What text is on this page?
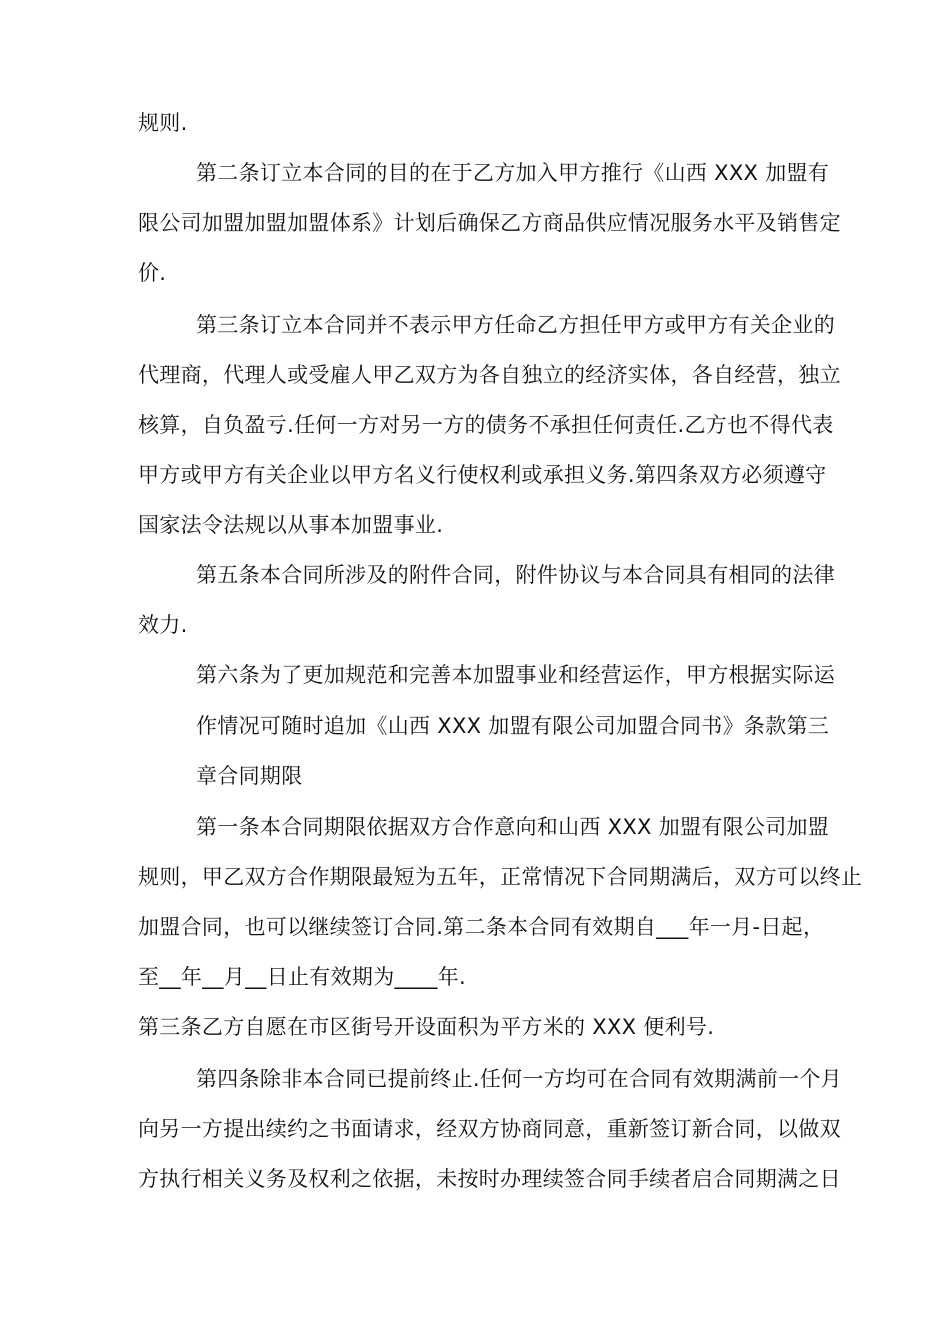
规则.
第二条订立本合同的目的在于乙方加入甲方推行《山西 XXX 加盟有
限公司加盟加盟加盟体系》计划后确保乙方商品供应情况服务水平及销售定
价.
第三条订立本合同并不表示甲方任命乙方担任甲方或甲方有关企业的
代理商，代理人或受雇人甲乙双方为各自独立的经济实体，各自经营，独立
核算，自负盈亏.任何一方对另一方的债务不承担任何责任.乙方也不得代表
甲方或甲方有关企业以甲方名义行使权利或承担义务.第四条双方必须遵守
国家法令法规以从事本加盟事业.
第五条本合同所涉及的附件合同，附件协议与本合同具有相同的法律
效力.
第六条为了更加规范和完善本加盟事业和经营运作，甲方根据实际运
作情况可随时追加《山西 XXX 加盟有限公司加盟合同书》条款第三
章合同期限
第一条本合同期限依据双方合作意向和山西 XXX 加盟有限公司加盟
规则，甲乙双方合作期限最短为五年，正常情况下合同期满后，双方可以终止
加盟合同，也可以继续签订合同.第二条本合同有效期自___年一月-日起，
至__年__月__日止有效期为____年.
第三条乙方自愿在市区街号开设面积为平方米的 XXX 便利号.
第四条除非本合同已提前终止.任何一方均可在合同有效期满前一个月
向另一方提出续约之书面请求，经双方协商同意，重新签订新合同，以做双
方执行相关义务及权利之依据，未按时办理续签合同手续者启合同期满之日
